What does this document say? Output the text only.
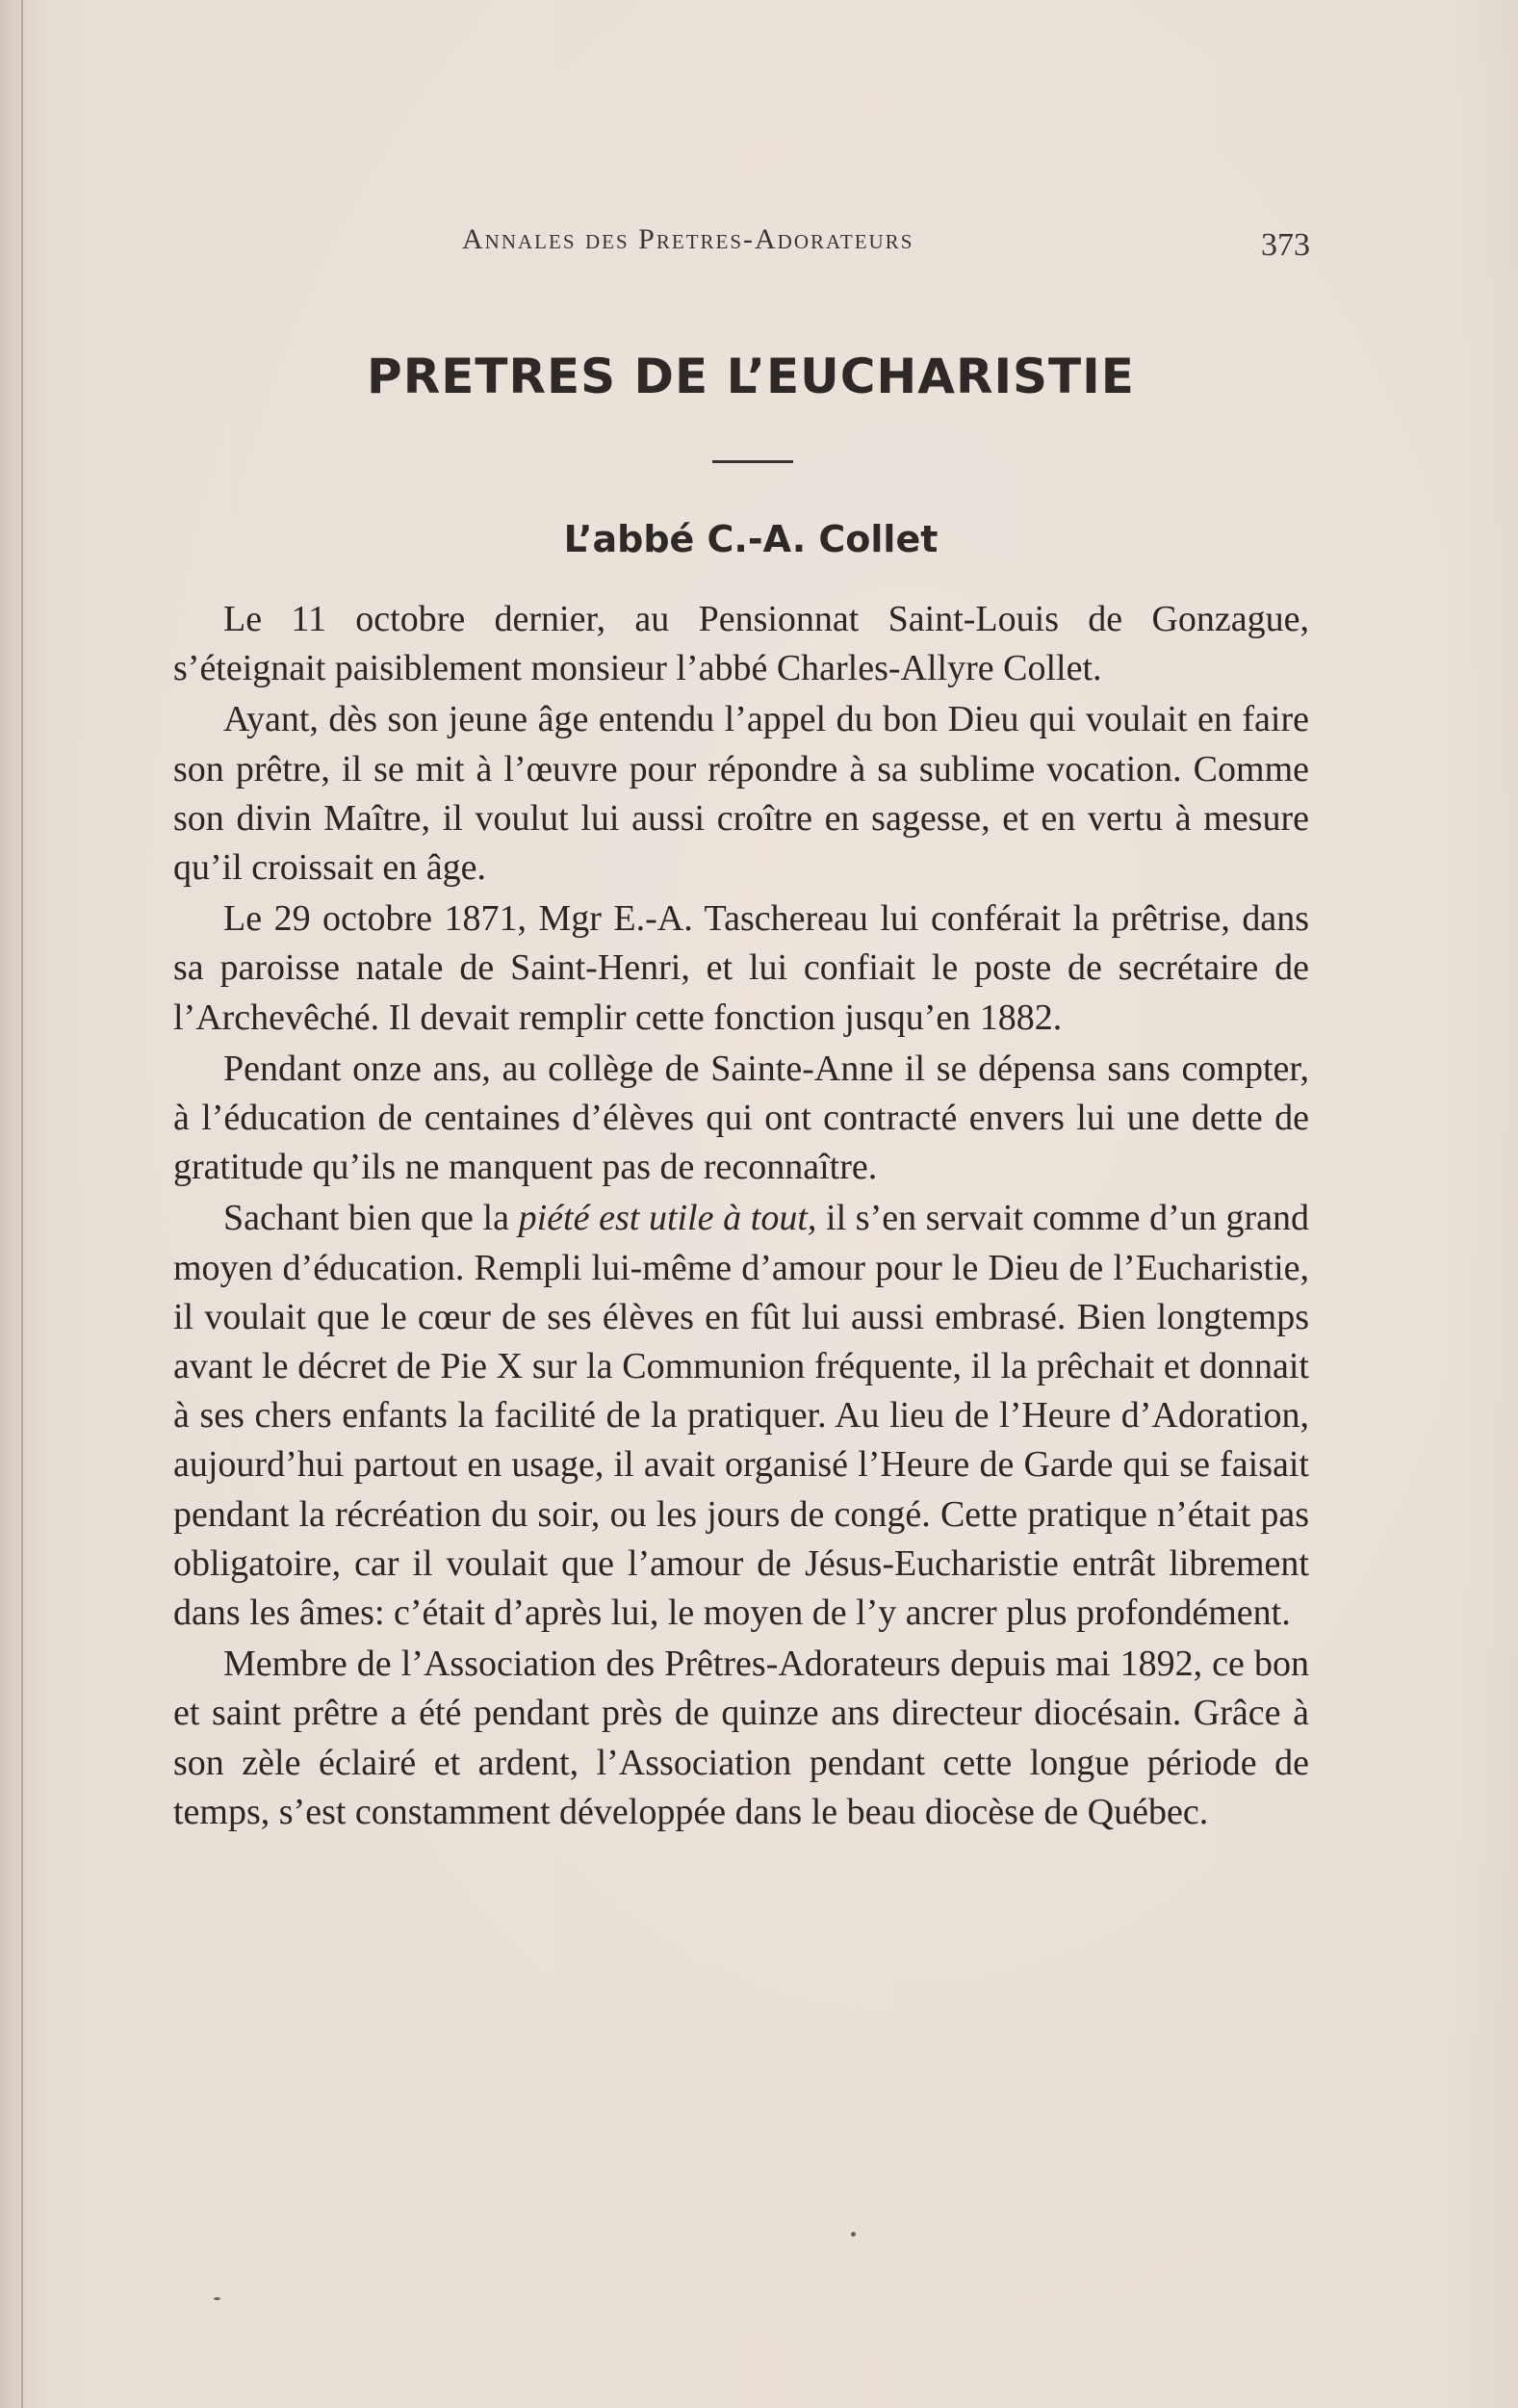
Annales des Pretres-Adorateurs	373
PRETRES DE L’EUCHARISTIE
L’abbé C.-A. Collet

Le 11 octobre dernier, au Pensionnat Saint-Louis de Gonzague, s’éteignait paisiblement monsieur l’abbé Charles-Allyre Collet.

Ayant, dès son jeune âge entendu l’appel du bon Dieu qui voulait en faire son prêtre, il se mit à l’œuvre pour répondre à sa sublime vocation. Comme son divin Maître, il voulut lui aussi croître en sagesse, et en vertu à mesure qu’il croissait en âge.

Le 29 octobre 1871, Mgr E.-A. Taschereau lui conférait la prêtrise, dans sa paroisse natale de Saint-Henri, et lui confiait le poste de secrétaire de l’Archevêché. Il devait remplir cette fonction jusqu’en 1882.

Pendant onze ans, au collège de Sainte-Anne il se dépensa sans compter, à l’éducation de centaines d’élèves qui ont contracté envers lui une dette de gratitude qu’ils ne manquent pas de reconnaître.

Sachant bien que la piété est utile à tout, il s’en servait comme d’un grand moyen d’éducation. Rempli lui-même d’amour pour le Dieu de l’Eucharistie, il voulait que le cœur de ses élèves en fût lui aussi embrasé. Bien longtemps avant le décret de Pie X sur la Communion fréquente, il la prêchait et donnait à ses chers enfants la facilité de la pratiquer. Au lieu de l’Heure d’Adoration, aujourd’hui partout en usage, il avait organisé l’Heure de Garde qui se faisait pendant la récréation du soir, ou les jours de congé. Cette pratique n’était pas obligatoire, car il voulait que l’amour de Jésus-Eucharistie entrât librement dans les âmes: c’était d’après lui, le moyen de l’y ancrer plus profondément.

Membre de l’Association des Prêtres-Adorateurs depuis mai 1892, ce bon et saint prêtre a été pendant près de quinze ans directeur diocésain. Grâce à son zèle éclairé et ardent, l’Association pendant cette longue période de temps, s’est constamment développée dans le beau diocèse de Québec.
